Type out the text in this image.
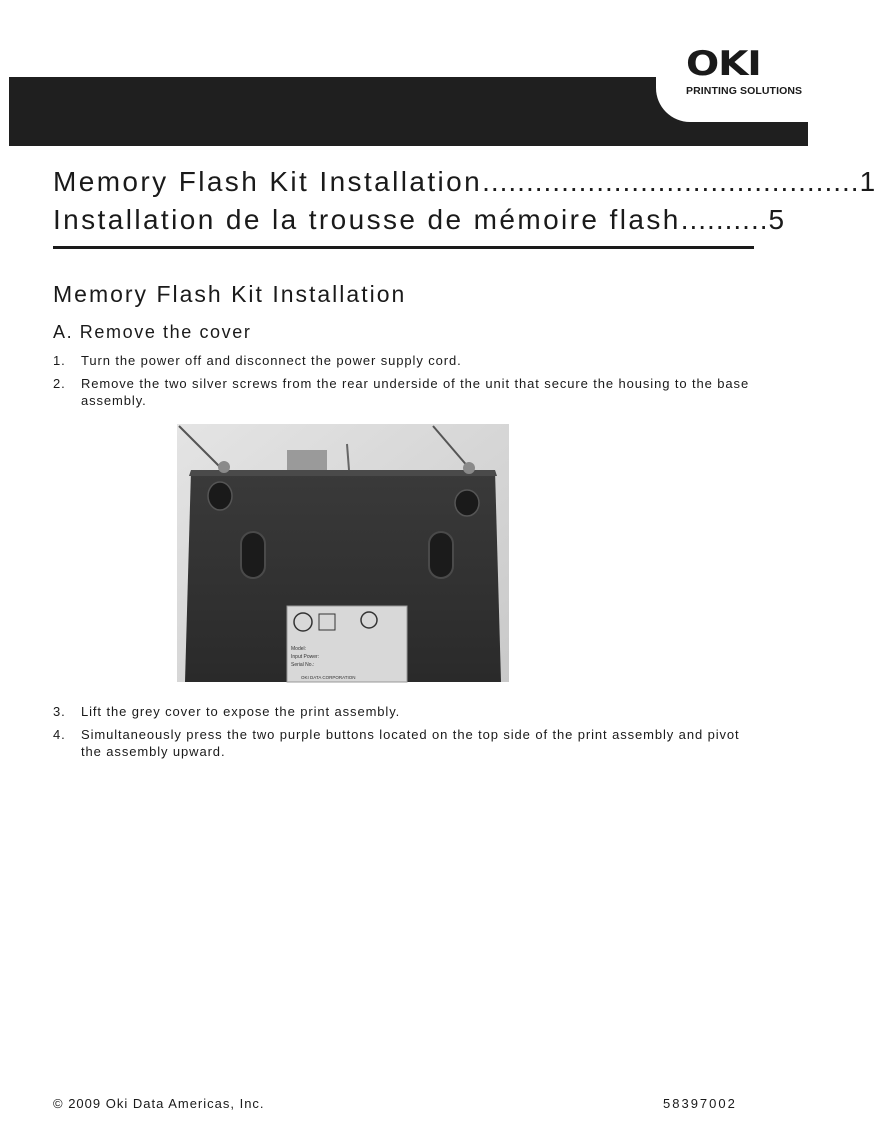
OKI
PRINTING SOLUTIONS
Memory Flash Kit Installation ........................................... 1
Installation de la trousse de mémoire flash .......... 5
Memory Flash Kit Installation
A. Remove the cover
1.	Turn the power off and disconnect the power supply cord.
2.	Remove the two silver screws from the rear underside of the unit that secure the housing to the base assembly.
Model:
Input Power:
Serial No.:
OKI DATA CORPORATION
3.	Lift the grey cover to expose the print assembly.
4.	Simultaneously press the two purple buttons located on the top side of the print assembly and pivot the assembly upward.
© 2009 Oki Data Americas, Inc.	58397002
